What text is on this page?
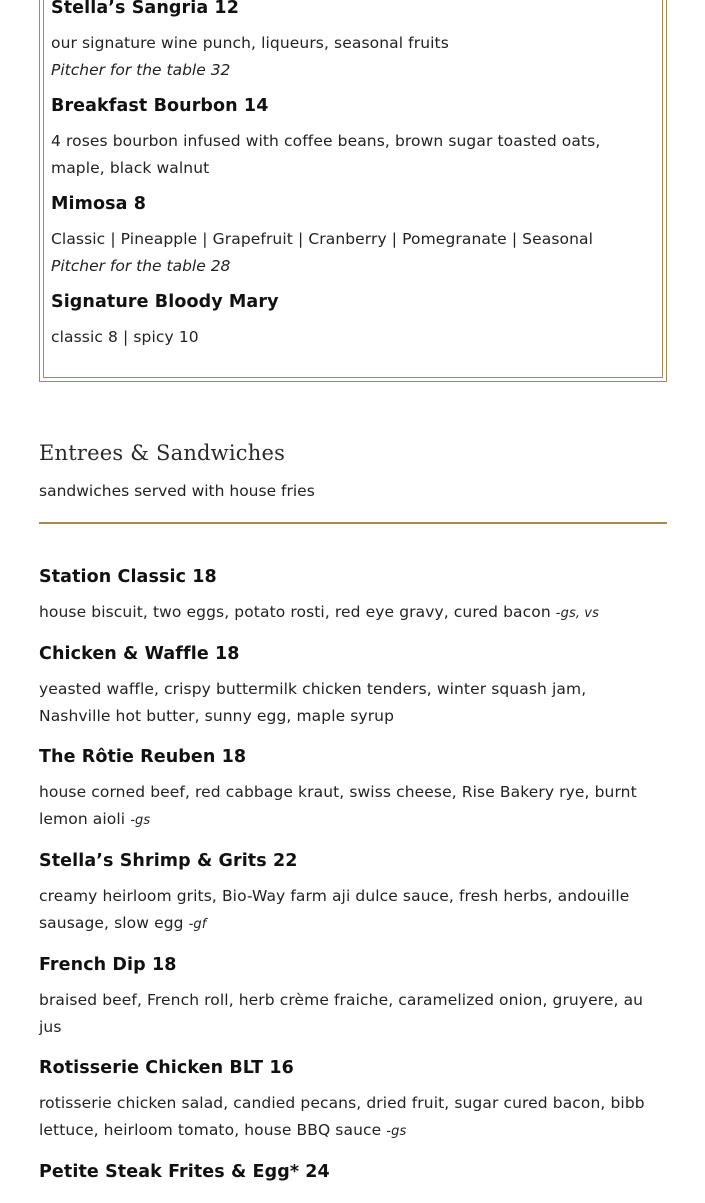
Stella’s Sangria 12

our signature wine punch, liqueurs, seasonal fruits

Pitcher for the table 32

Breakfast Bourbon 14

4 roses bourbon infused with coffee beans, brown sugar toasted oats,

maple, black walnut

Mimosa 8

Classic | Pineapple | Grapefruit | Cranberry | Pomegranate | Seasonal

Pitcher for the table 28

Signature Bloody Mary

classic 8 | spicy 10

Entrees & Sandwiches
sandwiches served with house fries

Station Classic 18

house biscuit, two eggs, potato rosti, red eye gravy, cured bacon -gs, vs

Chicken & Waffle 18

yeasted waffle, crispy buttermilk chicken tenders, winter squash jam,

Nashville hot butter, sunny egg, maple syrup

The Rôtie Reuben 18

house corned beef, red cabbage kraut, swiss cheese, Rise Bakery rye, burnt

lemon aioli -gs

Stella’s Shrimp & Grits 22

creamy heirloom grits, Bio-Way farm aji dulce sauce, fresh herbs, andouille

sausage, slow egg -gf

French Dip 18

braised beef, French roll, herb crème fraiche, caramelized onion, gruyere, au

jus

Rotisserie Chicken BLT 16

rotisserie chicken salad, candied pecans, dried fruit, sugar cured bacon, bibb

lettuce, heirloom tomato, house BBQ sauce -gs

Petite Steak Frites & Egg* 24
